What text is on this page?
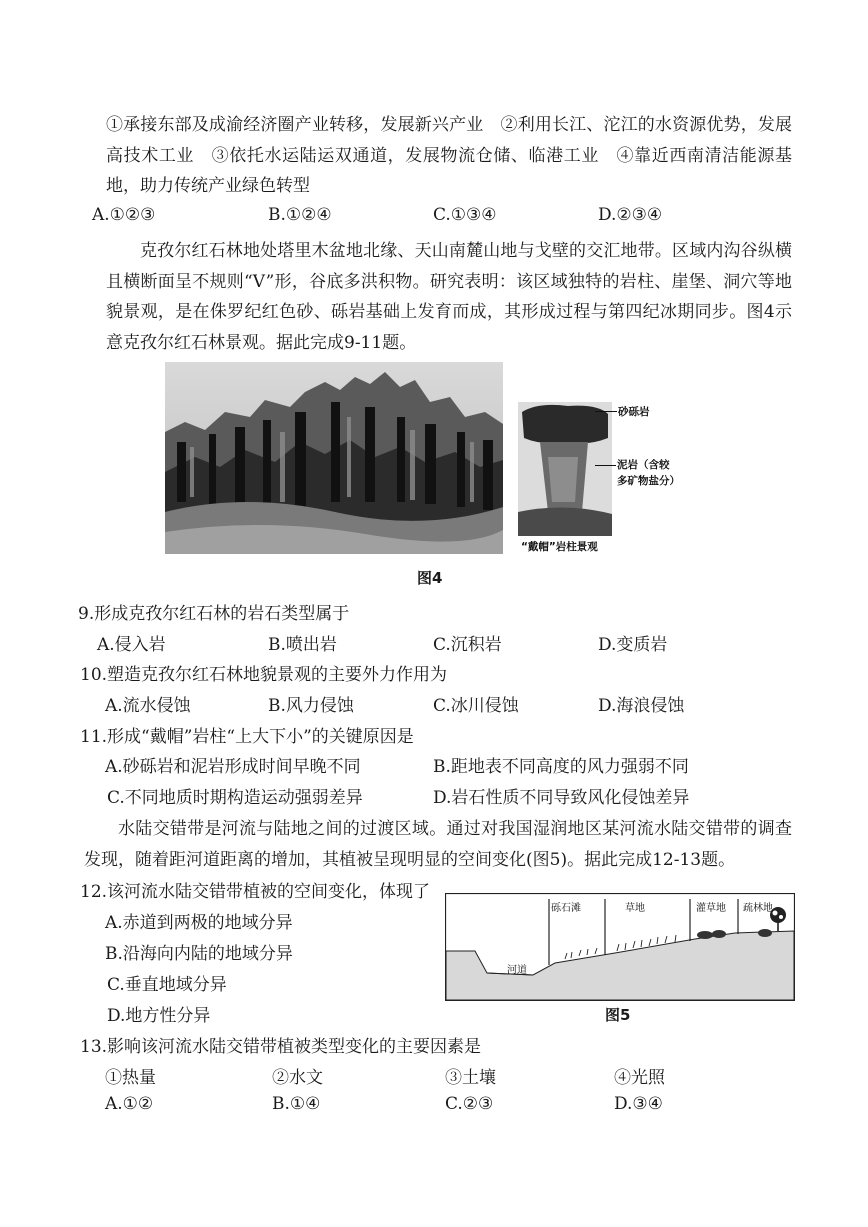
①承接东部及成渝经济圈产业转移，发展新兴产业　②利用长江、沱江的水资源优势，发展高技术工业　③依托水运陆运双通道，发展物流仓储、临港工业　④靠近西南清洁能源基地，助力传统产业绿色转型
A.①②③	B.①②④	C.①③④	D.②③④
克孜尔红石林地处塔里木盆地北缘、天山南麓山地与戈壁的交汇地带。区域内沟谷纵横且横断面呈不规则“V”形，谷底多洪积物。研究表明：该区域独特的岩柱、崖堡、洞穴等地貌景观，是在侏罗纪红色砂、砾岩基础上发育而成，其形成过程与第四纪冰期同步。图4示意克孜尔红石林景观。据此完成9-11题。
砂砾岩
泥岩（含较
多矿物盐分）
“戴帽”岩柱景观
图4
9.形成克孜尔红石林的岩石类型属于
A.侵入岩	B.喷出岩	C.沉积岩	D.变质岩
10.塑造克孜尔红石林地貌景观的主要外力作用为
A.流水侵蚀	B.风力侵蚀	C.冰川侵蚀	D.海浪侵蚀
11.形成“戴帽”岩柱“上大下小”的关键原因是
A.砂砾岩和泥岩形成时间早晚不同	B.距地表不同高度的风力强弱不同
C.不同地质时期构造运动强弱差异	D.岩石性质不同导致风化侵蚀差异
水陆交错带是河流与陆地之间的过渡区域。通过对我国湿润地区某河流水陆交错带的调查发现，随着距河道距离的增加，其植被呈现明显的空间变化(图5)。据此完成12-13题。
12.该河流水陆交错带植被的空间变化，体现了
A.赤道到两极的地域分异
B.沿海向内陆的地域分异
C.垂直地域分异
D.地方性分异
砾石滩	草地	灌草地 疏林地
河道
图5
13.影响该河流水陆交错带植被类型变化的主要因素是
①热量	②水文	③土壤	④光照
A.①②	B.①④	C.②③	D.③④
